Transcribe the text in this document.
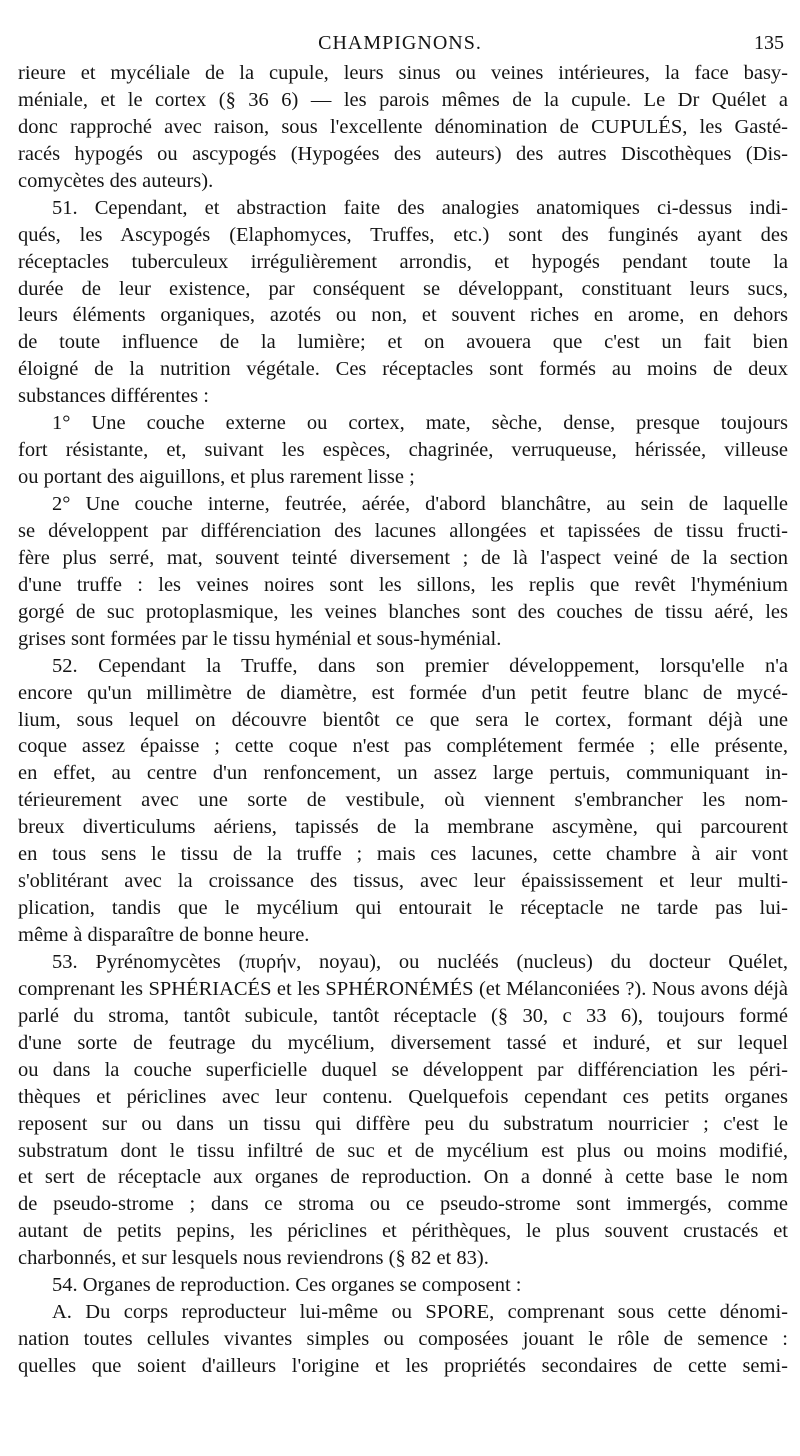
CHAMPIGNONS.	135
rieure et mycéliale de la cupule, leurs sinus ou veines intérieures, la face basy-
méniale, et le cortex (§ 36 6) — les parois mêmes de la cupule. Le Dr Quélet a
donc rapproché avec raison, sous l'excellente dénomination de CUPULÉS, les Gasté-
racés hypogés ou ascypogés (Hypogées des auteurs) des autres Discothèques (Dis-
comycètes des auteurs).
51. Cependant, et abstraction faite des analogies anatomiques ci-dessus indi-
qués, les Ascypogés (Elaphomyces, Truffes, etc.) sont des funginés ayant des
réceptacles tuberculeux irrégulièrement arrondis, et hypogés pendant toute la
durée de leur existence, par conséquent se développant, constituant leurs sucs,
leurs éléments organiques, azotés ou non, et souvent riches en arome, en dehors
de toute influence de la lumière; et on avouera que c'est un fait bien
éloigné de la nutrition végétale. Ces réceptacles sont formés au moins de deux
substances différentes :
1° Une couche externe ou cortex, mate, sèche, dense, presque toujours
fort résistante, et, suivant les espèces, chagrinée, verruqueuse, hérissée, villeuse
ou portant des aiguillons, et plus rarement lisse ;
2° Une couche interne, feutrée, aérée, d'abord blanchâtre, au sein de laquelle
se développent par différenciation des lacunes allongées et tapissées de tissu fructi-
fère plus serré, mat, souvent teinté diversement ; de là l'aspect veiné de la section
d'une truffe : les veines noires sont les sillons, les replis que revêt l'hyménium
gorgé de suc protoplasmique, les veines blanches sont des couches de tissu aéré, les
grises sont formées par le tissu hyménial et sous-hyménial.
52. Cependant la Truffe, dans son premier développement, lorsqu'elle n'a
encore qu'un millimètre de diamètre, est formée d'un petit feutre blanc de mycé-
lium, sous lequel on découvre bientôt ce que sera le cortex, formant déjà une
coque assez épaisse ; cette coque n'est pas complétement fermée ; elle présente,
en effet, au centre d'un renfoncement, un assez large pertuis, communiquant in-
térieurement avec une sorte de vestibule, où viennent s'embrancher les nom-
breux diverticulums aériens, tapissés de la membrane ascymène, qui parcourent
en tous sens le tissu de la truffe ; mais ces lacunes, cette chambre à air vont
s'oblitérant avec la croissance des tissus, avec leur épaississement et leur multi-
plication, tandis que le mycélium qui entourait le réceptacle ne tarde pas lui-
même à disparaître de bonne heure.
53. Pyrénomycètes (πυρήν, noyau), ou nucléés (nucleus) du docteur Quélet,
comprenant les SPHÉRIACÉS et les SPHÉRONÉMÉS (et Mélanconiées ?). Nous avons déjà
parlé du stroma, tantôt subicule, tantôt réceptacle (§ 30, c 33 6), toujours formé
d'une sorte de feutrage du mycélium, diversement tassé et induré, et sur lequel
ou dans la couche superficielle duquel se développent par différenciation les péri-
thèques et périclines avec leur contenu. Quelquefois cependant ces petits organes
reposent sur ou dans un tissu qui diffère peu du substratum nourricier ; c'est le
substratum dont le tissu infiltré de suc et de mycélium est plus ou moins modifié,
et sert de réceptacle aux organes de reproduction. On a donné à cette base le nom
de pseudo-strome ; dans ce stroma ou ce pseudo-strome sont immergés, comme
autant de petits pepins, les périclines et périthèques, le plus souvent crustacés et
charbonnés, et sur lesquels nous reviendrons (§ 82 et 83).
54. Organes de reproduction. Ces organes se composent :
A. Du corps reproducteur lui-même ou SPORE, comprenant sous cette dénomi-
nation toutes cellules vivantes simples ou composées jouant le rôle de semence :
quelles que soient d'ailleurs l'origine et les propriétés secondaires de cette semi-
